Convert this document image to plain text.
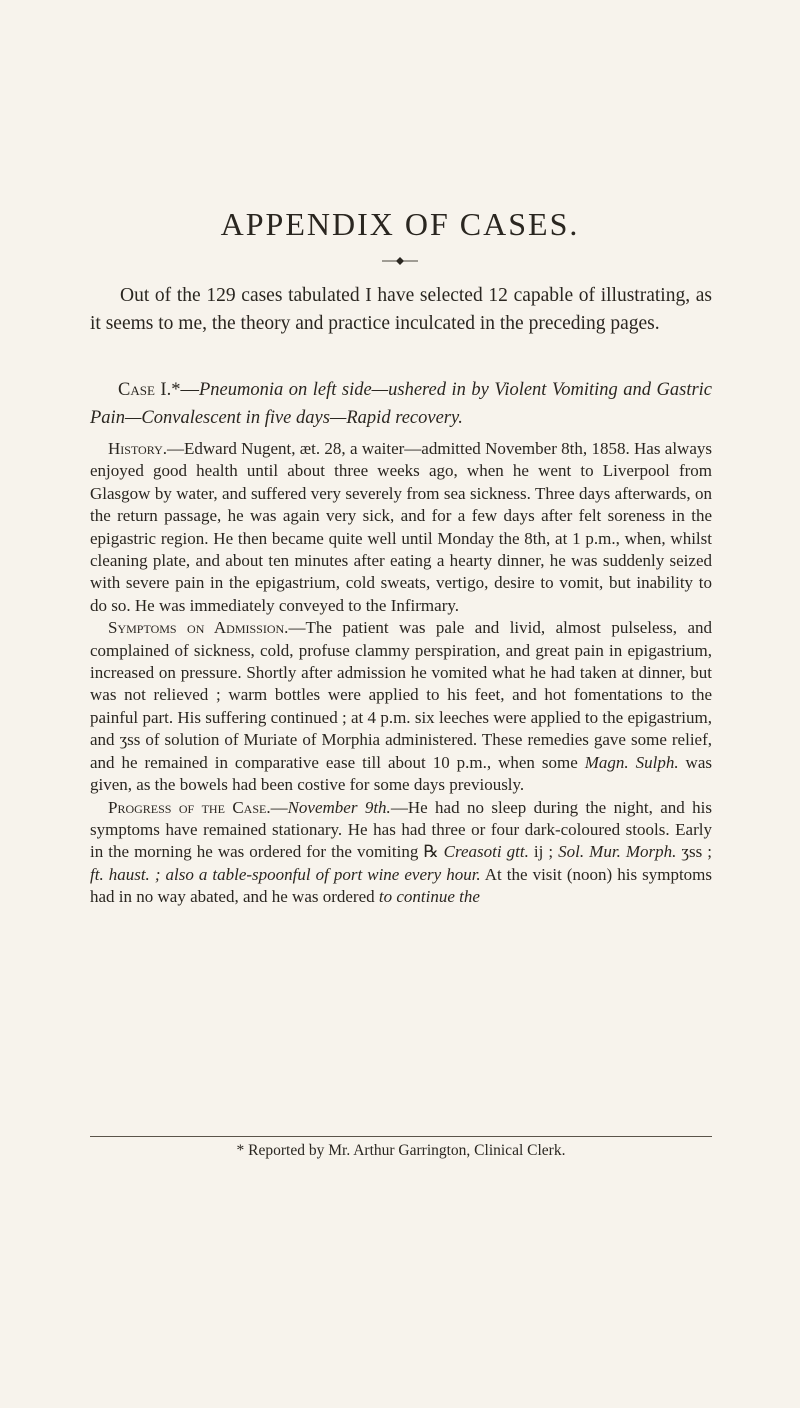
APPENDIX OF CASES.
Out of the 129 cases tabulated I have selected 12 capable of illustrating, as it seems to me, the theory and practice inculcated in the preceding pages.
Case I.*—Pneumonia on left side—ushered in by Violent Vomiting and Gastric Pain—Convalescent in five days—Rapid recovery.

History.—Edward Nugent, æt. 28, a waiter—admitted November 8th, 1858. Has always enjoyed good health until about three weeks ago, when he went to Liverpool from Glasgow by water, and suffered very severely from sea sickness. Three days afterwards, on the return passage, he was again very sick, and for a few days after felt soreness in the epigastric region. He then became quite well until Monday the 8th, at 1 p.m., when, whilst cleaning plate, and about ten minutes after eating a hearty dinner, he was suddenly seized with severe pain in the epigastrium, cold sweats, vertigo, desire to vomit, but inability to do so. He was immediately conveyed to the Infirmary.

Symptoms on Admission.—The patient was pale and livid, almost pulseless, and complained of sickness, cold, profuse clammy perspiration, and great pain in epigastrium, increased on pressure. Shortly after admission he vomited what he had taken at dinner, but was not relieved ; warm bottles were applied to his feet, and hot fomentations to the painful part. His suffering continued ; at 4 p.m. six leeches were applied to the epigastrium, and ʒss of solution of Muriate of Morphia administered. These remedies gave some relief, and he remained in comparative ease till about 10 p.m., when some Magn. Sulph. was given, as the bowels had been costive for some days previously.

Progress of the Case.—November 9th.—He had no sleep during the night, and his symptoms have remained stationary. He has had three or four dark-coloured stools. Early in the morning he was ordered for the vomiting ℞ Creasoti gtt. ij ; Sol. Mur. Morph. ʒss ; ft. haust. ; also a table-spoonful of port wine every hour. At the visit (noon) his symptoms had in no way abated, and he was ordered to continue the

* Reported by Mr. Arthur Garrington, Clinical Clerk.
